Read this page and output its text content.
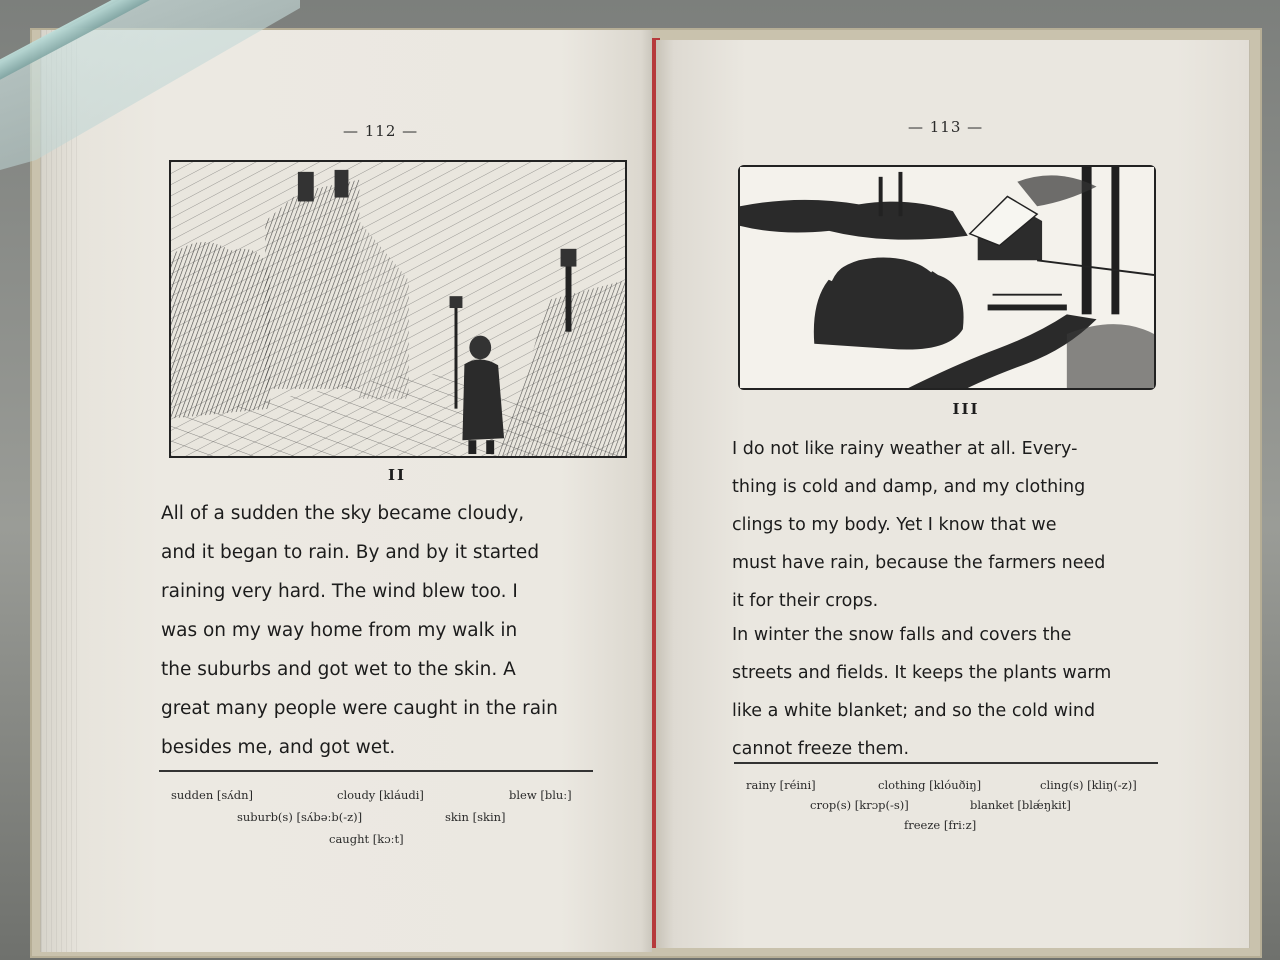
— 112 —
II
All of a sudden the sky became cloudy,
and it began to rain. By and by it started
raining very hard. The wind blew too. I
was on my way home from my walk in
the suburbs and got wet to the skin. A
great many people were caught in the rain
besides me, and got wet.
sudden [sʌ́dn]	cloudy [kláudi]	blew [bluː]
suburb(s) [sʌ́bəːb(-z)]	skin [skin]
caught [kɔːt]
— 113 —
III
I do not like rainy weather at all. Every-
thing is cold and damp, and my clothing
clings to my body. Yet I know that we
must have rain, because the farmers need
it for their crops.
In winter the snow falls and covers the
streets and fields. It keeps the plants warm
like a white blanket; and so the cold wind
cannot freeze them.
rainy [réini]	clothing [klóuðiŋ]	cling(s) [kliŋ(-z)]
crop(s) [krɔp(-s)]	blanket [blǽŋkit]
freeze [friːz]
